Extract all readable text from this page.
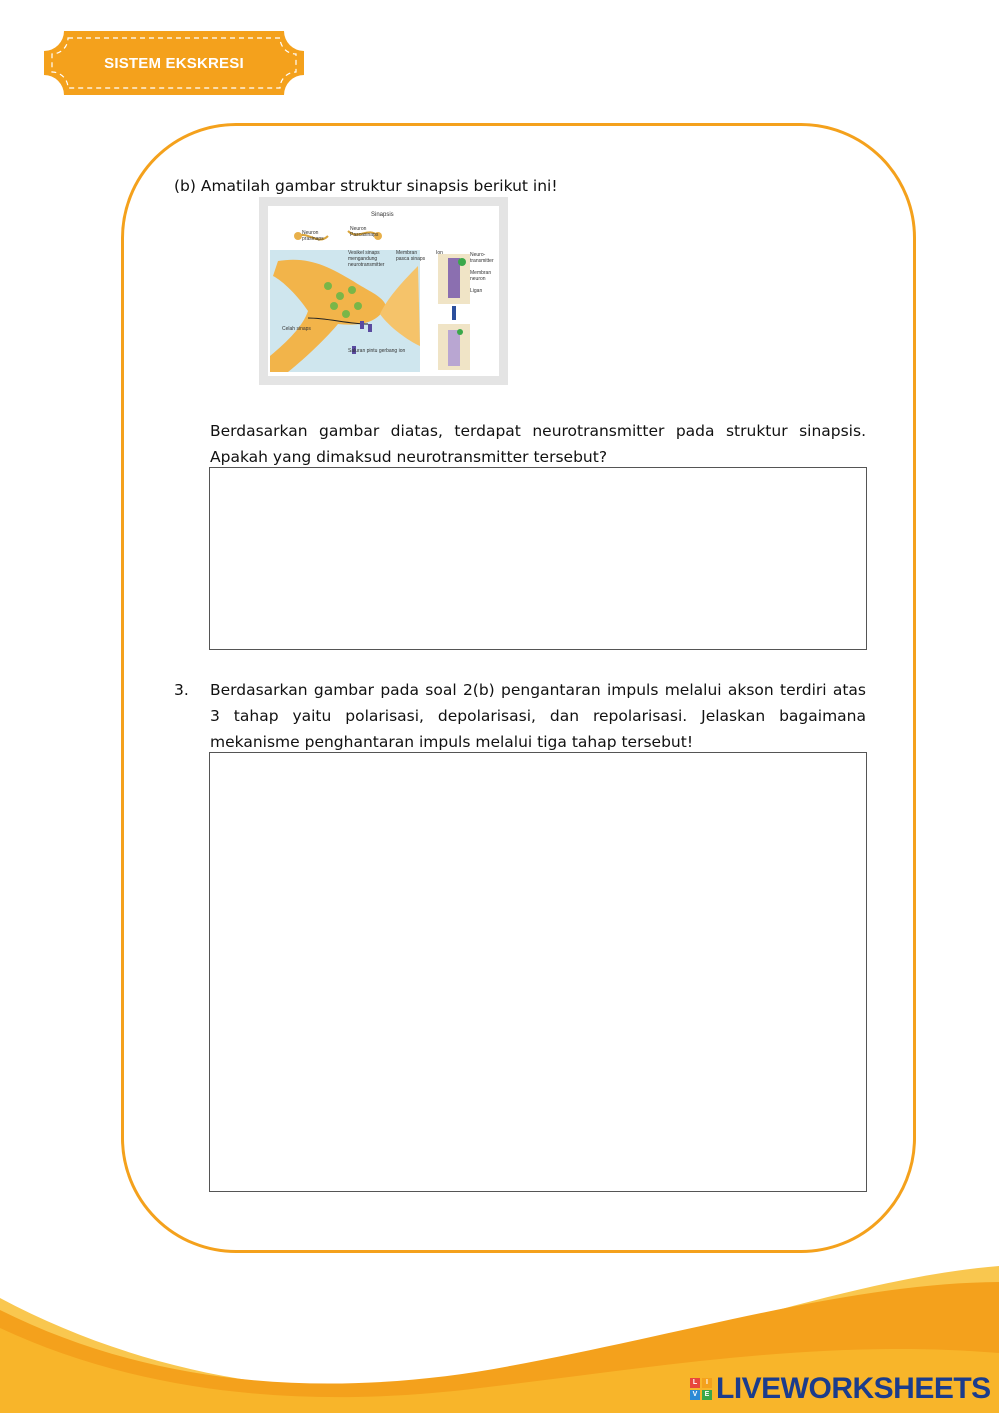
SISTEM EKSKRESI
(b) Amatilah gambar struktur sinapsis berikut ini!
Sinapsis
Neuron prasinaps
Neuron Pascasinaps
Vesikel sinaps mengandung neurotransmitter
Membran pasca sinaps
Ion	Neuro-transmitter
Membran neuron
Ligan
Celah sinaps
Saluran pintu gerbang ion
Berdasarkan gambar diatas, terdapat neurotransmitter pada struktur sinapsis. Apakah yang dimaksud neurotransmitter tersebut?
3. Berdasarkan gambar pada soal 2(b) pengantaran impuls melalui akson terdiri atas 3 tahap yaitu polarisasi, depolarisasi, dan repolarisasi. Jelaskan bagaimana mekanisme penghantaran impuls melalui tiga tahap tersebut!
L	I
V	E LIVEWORKSHEETS
